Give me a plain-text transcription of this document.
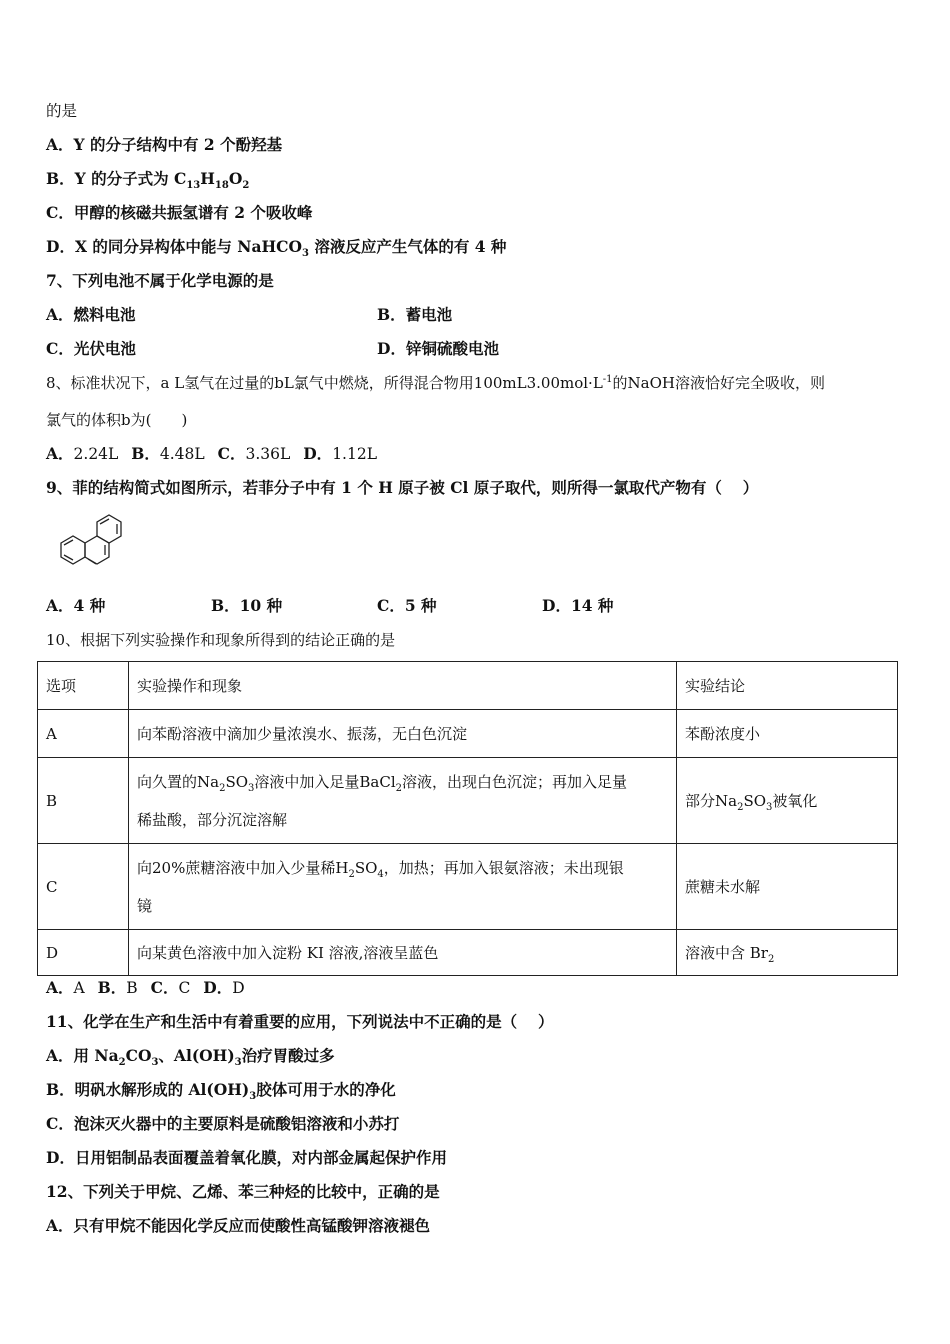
的是
A．Y 的分子结构中有 2 个酚羟基
B．Y 的分子式为 $C_{13}H_{18}O_2$
C．甲醇的核磁共振氢谱有 2 个吸收峰
D．X 的同分异构体中能与 NaHCO$_3$ 溶液反应产生气体的有 4 种
7、下列电池不属于化学电源的是
A．燃料电池	B．蓄电池
C．光伏电池	D．锌铜硫酸电池
8、标准状况下，a L氢气在过量的bL氯气中燃烧，所得混合物用$100mL3.00mol\cdot L^{-1}$的NaOH溶液恰好完全吸收，则
氯气的体积b为(　　)
A．2.24L B．4.48L C．3.36L D．1.12L
9、菲的结构简式如图所示，若菲分子中有 1 个 H 原子被 Cl 原子取代，则所得一氯取代产物有（　 ）
A．4 种	B．10 种	C．5 种	D．14 种
10、根据下列实验操作和现象所得到的结论正确的是
选项	实验操作和现象	实验结论
A	向苯酚溶液中滴加少量浓溴水、振荡，无白色沉淀	苯酚浓度小
B	向久置的$Na_2SO_3$溶液中加入足量BaCl$_2$溶液，出现白色沉淀；再加入足量
稀盐酸，部分沉淀溶解	部分$Na_2SO_3$被氧化
C	向20%蔗糖溶液中加入少量稀$H_2SO_4$，加热；再加入银氨溶液；未出现银
镜	蔗糖未水解
D	向某黄色溶液中加入淀粉 KI 溶液,溶液呈蓝色	溶液中含 $Br_2$
A．A B．B C．C D．D
11、化学在生产和生活中有着重要的应用，下列说法中不正确的是（　 ）
A．用 $Na_2CO_3$、$Al(OH)_3$治疗胃酸过多
B．明矾水解形成的 $Al(OH)_3$胶体可用于水的净化
C．泡沫灭火器中的主要原料是硫酸铝溶液和小苏打
D．日用铝制品表面覆盖着氧化膜，对内部金属起保护作用
12、下列关于甲烷、乙烯、苯三种烃的比较中，正确的是
A．只有甲烷不能因化学反应而使酸性高锰酸钾溶液褪色
